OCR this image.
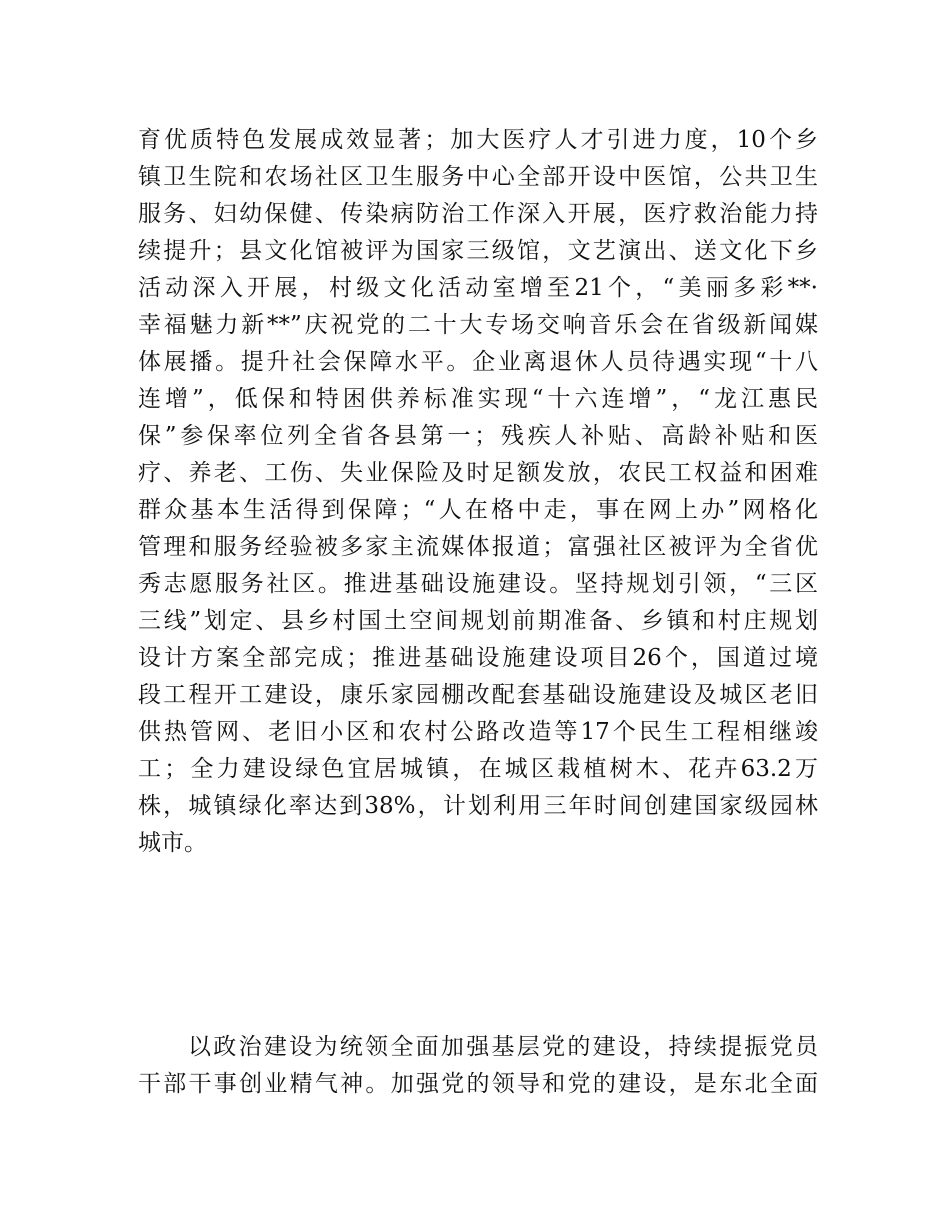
育优质特色发展成效显著；加大医疗人才引进力度，10个乡
镇卫生院和农场社区卫生服务中心全部开设中医馆，公共卫生
服务、妇幼保健、传染病防治工作深入开展，医疗救治能力持
续提升；县文化馆被评为国家三级馆，文艺演出、送文化下乡
活动深入开展，村级文化活动室增至21个，“美丽多彩**·
幸福魅力新**”庆祝党的二十大专场交响音乐会在省级新闻媒
体展播。提升社会保障水平。企业离退休人员待遇实现“十八
连增”，低保和特困供养标准实现“十六连增”，“龙江惠民
保”参保率位列全省各县第一；残疾人补贴、高龄补贴和医
疗、养老、工伤、失业保险及时足额发放，农民工权益和困难
群众基本生活得到保障；“人在格中走，事在网上办”网格化
管理和服务经验被多家主流媒体报道；富强社区被评为全省优
秀志愿服务社区。推进基础设施建设。坚持规划引领，“三区
三线”划定、县乡村国土空间规划前期准备、乡镇和村庄规划
设计方案全部完成；推进基础设施建设项目26个，国道过境
段工程开工建设，康乐家园棚改配套基础设施建设及城区老旧
供热管网、老旧小区和农村公路改造等17个民生工程相继竣
工；全力建设绿色宜居城镇，在城区栽植树木、花卉63.2万
株，城镇绿化率达到38%，计划利用三年时间创建国家级园林
城市。
以政治建设为统领全面加强基层党的建设，持续提振党员
干部干事创业精气神。加强党的领导和党的建设，是东北全面
